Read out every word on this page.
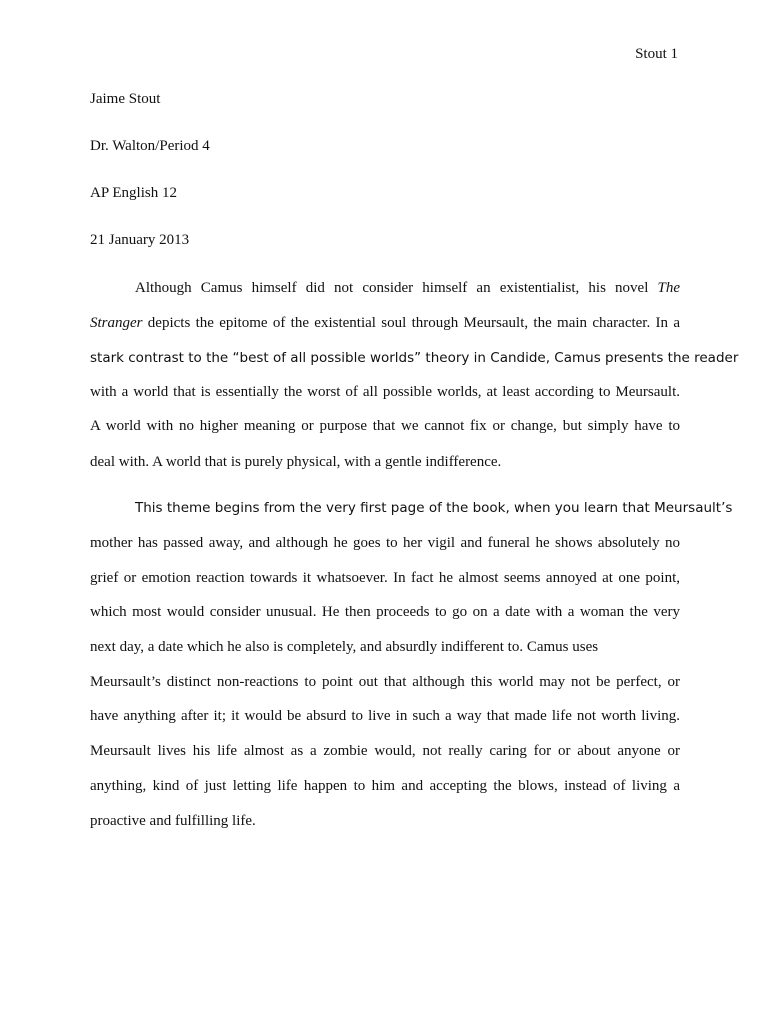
Stout 1
Jaime Stout
Dr. Walton/Period 4
AP English 12
21 January 2013
Although Camus himself did not consider himself an existentialist, his novel The
Stranger depicts the epitome of the existential soul through Meursault, the main character. In a
stark contrast to the “best of all possible worlds” theory in Candide, Camus presents the reader
with a world that is essentially the worst of all possible worlds, at least according to Meursault.
A world with no higher meaning or purpose that we cannot fix or change, but simply have to
deal with. A world that is purely physical, with a gentle indifference.
This theme begins from the very first page of the book, when you learn that Meursault’s
mother has passed away, and although he goes to her vigil and funeral he shows absolutely no
grief or emotion reaction towards it whatsoever. In fact he almost seems annoyed at one point,
which most would consider unusual. He then proceeds to go on a date with a woman the very
next day, a date which he also is completely, and absurdly indifferent to. Camus uses
Meursault’s distinct non-reactions to point out that although this world may not be perfect, or
have anything after it; it would be absurd to live in such a way that made life not worth living.
Meursault lives his life almost as a zombie would, not really caring for or about anyone or
anything, kind of just letting life happen to him and accepting the blows, instead of living a
proactive and fulfilling life.
